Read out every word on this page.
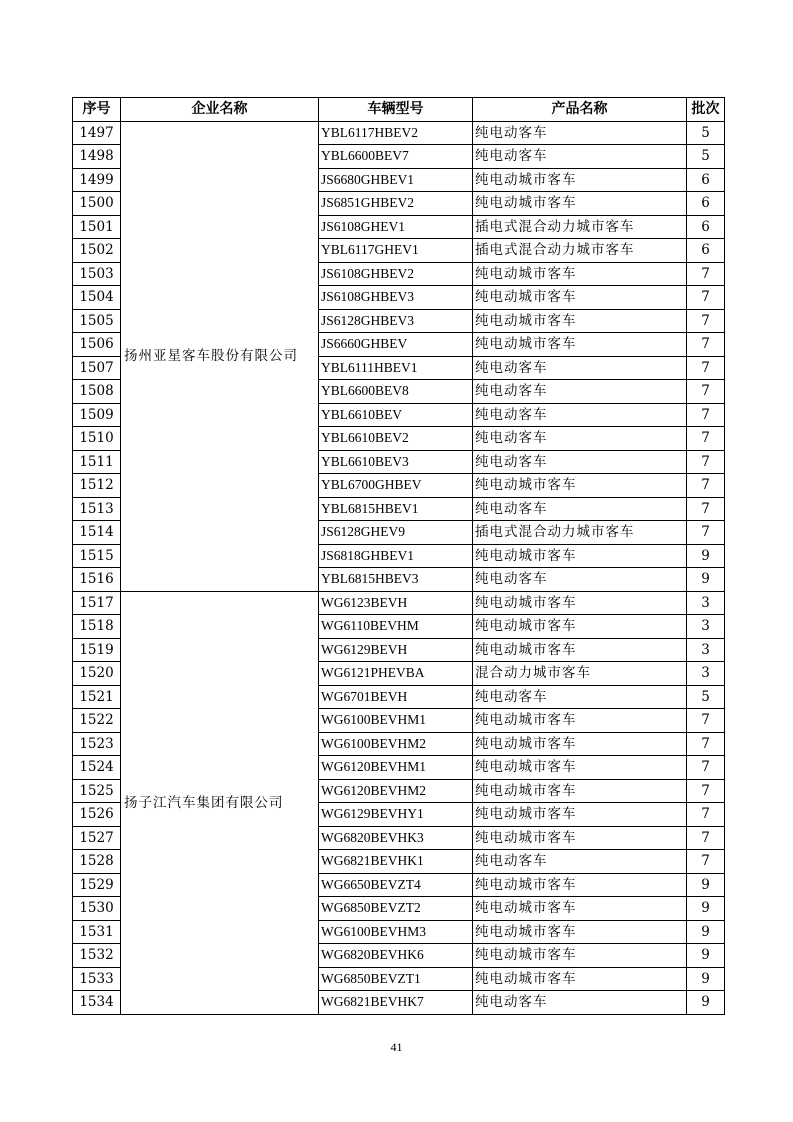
序号	企业名称	车辆型号	产品名称	批次
1497	扬州亚星客车股份有限公司	YBL6117HBEV2	纯电动客车	5
1498		YBL6600BEV7	纯电动客车	5
1499		JS6680GHBEV1	纯电动城市客车	6
1500		JS6851GHBEV2	纯电动城市客车	6
1501		JS6108GHEV1	插电式混合动力城市客车	6
1502		YBL6117GHEV1	插电式混合动力城市客车	6
1503		JS6108GHBEV2	纯电动城市客车	7
1504		JS6108GHBEV3	纯电动城市客车	7
1505		JS6128GHBEV3	纯电动城市客车	7
1506		JS6660GHBEV	纯电动城市客车	7
1507		YBL6111HBEV1	纯电动客车	7
1508		YBL6600BEV8	纯电动客车	7
1509		YBL6610BEV	纯电动客车	7
1510		YBL6610BEV2	纯电动客车	7
1511		YBL6610BEV3	纯电动客车	7
1512		YBL6700GHBEV	纯电动城市客车	7
1513		YBL6815HBEV1	纯电动客车	7
1514		JS6128GHEV9	插电式混合动力城市客车	7
1515		JS6818GHBEV1	纯电动城市客车	9
1516		YBL6815HBEV3	纯电动客车	9
1517	扬子江汽车集团有限公司	WG6123BEVH	纯电动城市客车	3
1518		WG6110BEVHM	纯电动城市客车	3
1519		WG6129BEVH	纯电动城市客车	3
1520		WG6121PHEVBA	混合动力城市客车	3
1521		WG6701BEVH	纯电动客车	5
1522		WG6100BEVHM1	纯电动城市客车	7
1523		WG6100BEVHM2	纯电动城市客车	7
1524		WG6120BEVHM1	纯电动城市客车	7
1525		WG6120BEVHM2	纯电动城市客车	7
1526		WG6129BEVHY1	纯电动城市客车	7
1527		WG6820BEVHK3	纯电动城市客车	7
1528		WG6821BEVHK1	纯电动客车	7
1529		WG6650BEVZT4	纯电动城市客车	9
1530		WG6850BEVZT2	纯电动城市客车	9
1531		WG6100BEVHM3	纯电动城市客车	9
1532		WG6820BEVHK6	纯电动城市客车	9
1533		WG6850BEVZT1	纯电动城市客车	9
1534		WG6821BEVHK7	纯电动客车	9
41
